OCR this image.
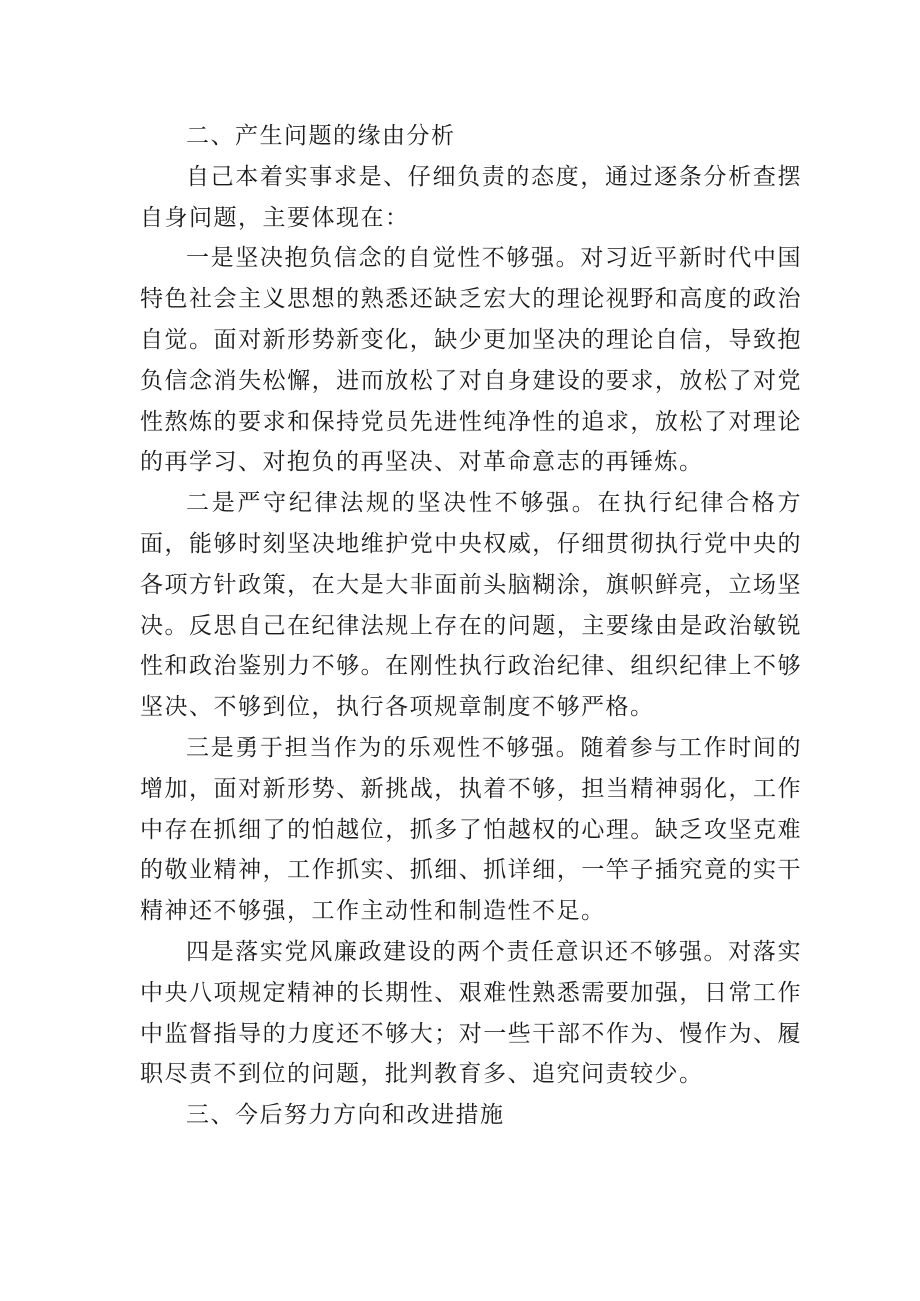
二、产生问题的缘由分析

自己本着实事求是、仔细负责的态度，通过逐条分析查摆自身问题，主要体现在：

一是坚决抱负信念的自觉性不够强。对习近平新时代中国特色社会主义思想的熟悉还缺乏宏大的理论视野和高度的政治自觉。面对新形势新变化，缺少更加坚决的理论自信，导致抱负信念消失松懈，进而放松了对自身建设的要求，放松了对党性熬炼的要求和保持党员先进性纯净性的追求，放松了对理论的再学习、对抱负的再坚决、对革命意志的再锤炼。

二是严守纪律法规的坚决性不够强。在执行纪律合格方面，能够时刻坚决地维护党中央权威，仔细贯彻执行党中央的各项方针政策，在大是大非面前头脑糊涂，旗帜鲜亮，立场坚决。反思自己在纪律法规上存在的问题，主要缘由是政治敏锐性和政治鉴别力不够。在刚性执行政治纪律、组织纪律上不够坚决、不够到位，执行各项规章制度不够严格。

三是勇于担当作为的乐观性不够强。随着参与工作时间的增加，面对新形势、新挑战，执着不够，担当精神弱化，工作中存在抓细了的怕越位，抓多了怕越权的心理。缺乏攻坚克难的敬业精神，工作抓实、抓细、抓详细，一竿子插究竟的实干精神还不够强，工作主动性和制造性不足。

四是落实党风廉政建设的两个责任意识还不够强。对落实中央八项规定精神的长期性、艰难性熟悉需要加强，日常工作中监督指导的力度还不够大；对一些干部不作为、慢作为、履职尽责不到位的问题，批判教育多、追究问责较少。

三、今后努力方向和改进措施
